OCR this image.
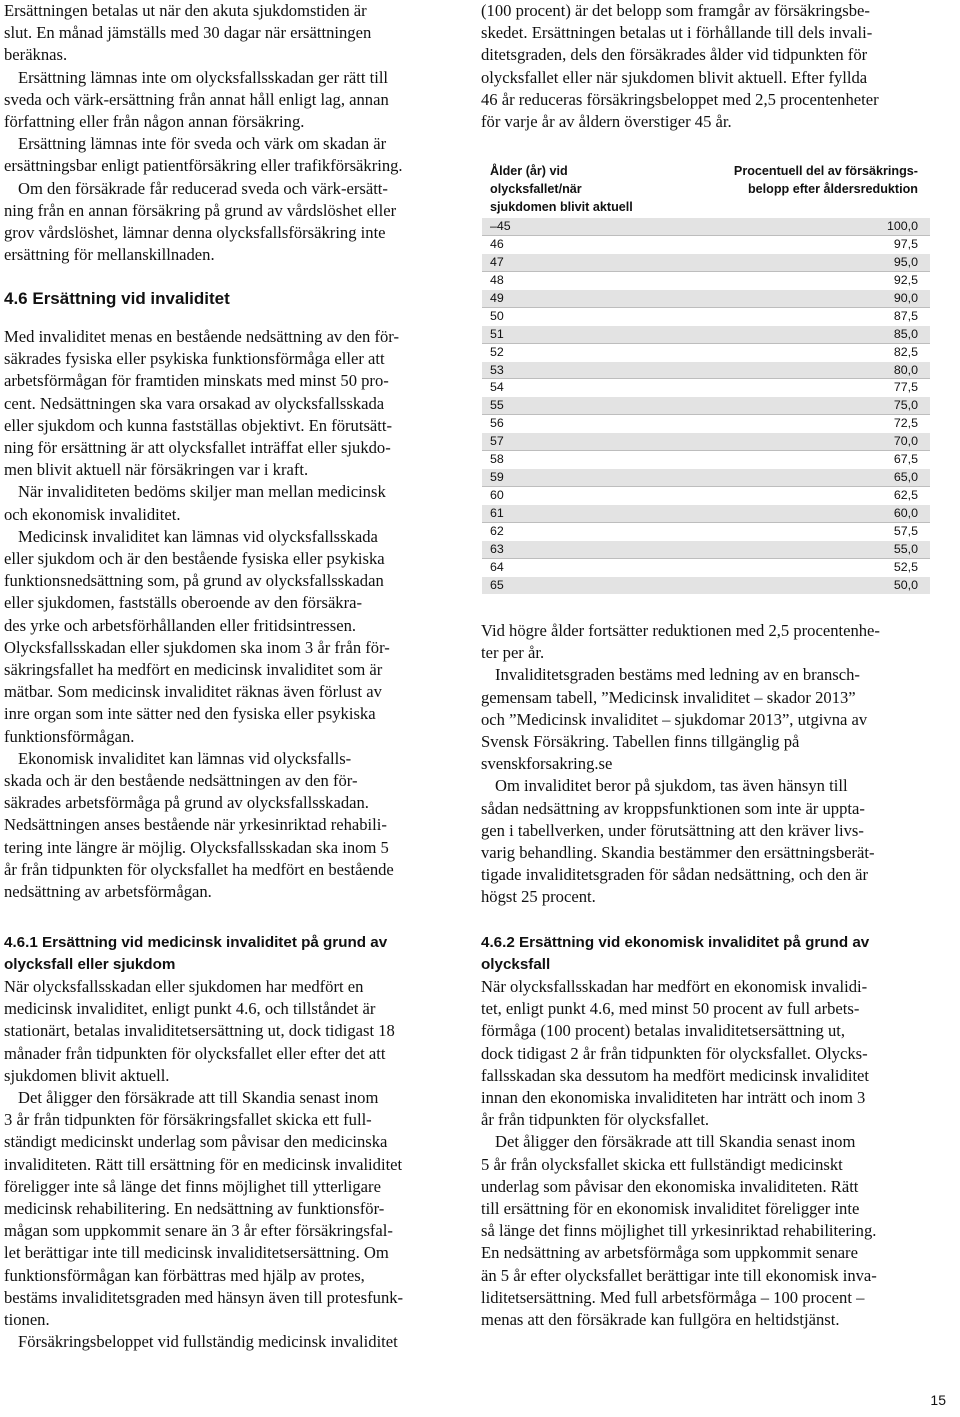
Ersättningen betalas ut när den akuta sjukdomstiden är
slut. En månad jämställs med 30 dagar när ersättningen
beräknas.

Ersättning lämnas inte om olycksfallsskadan ger rätt till
sveda och värk-ersättning från annat håll enligt lag, annan
författning eller från någon annan försäkring.

Ersättning lämnas inte för sveda och värk om skadan är
ersättningsbar enligt patientförsäkring eller trafikförsäkring.

Om den försäkrade får reducerad sveda och värk-ersätt-
ning från en annan försäkring på grund av vårdslöshet eller
grov vårdslöshet, lämnar denna olycksfallsförsäkring inte
ersättning för mellanskillnaden.

4.6 Ersättning vid invaliditet

Med invaliditet menas en bestående nedsättning av den för-
säkrades fysiska eller psykiska funktionsförmåga eller att
arbetsförmågan för framtiden minskats med minst 50 pro-
cent. Nedsättningen ska vara orsakad av olycksfallsskada
eller sjukdom och kunna fastställas objektivt. En förutsätt-
ning för ersättning är att olycksfallet inträffat eller sjukdo-
men blivit aktuell när försäkringen var i kraft.

När invaliditeten bedöms skiljer man mellan medicinsk
och ekonomisk invaliditet.

Medicinsk invaliditet kan lämnas vid olycksfallsskada
eller sjukdom och är den bestående fysiska eller psykiska
funktionsnedsättning som, på grund av olycksfallsskadan
eller sjukdomen, fastställs oberoende av den försäkra-
des yrke och arbetsförhållanden eller fritidsintressen.
Olycksfallsskadan eller sjukdomen ska inom 3 år från för-
säkringsfallet ha medfört en medicinsk invaliditet som är
mätbar. Som medicinsk invaliditet räknas även förlust av
inre organ som inte sätter ned den fysiska eller psykiska
funktionsförmågan.

Ekonomisk invaliditet kan lämnas vid olycksfalls-
skada och är den bestående nedsättningen av den för-
säkrades arbetsförmåga på grund av olycksfallsskadan.
Nedsättningen anses bestående när yrkesinriktad rehabili-
tering inte längre är möjlig. Olycksfallsskadan ska inom 5
år från tidpunkten för olycksfallet ha medfört en bestående
nedsättning av arbetsförmågan.

4.6.1 Ersättning vid medicinsk invaliditet på grund av
olycksfall eller sjukdom

När olycksfallsskadan eller sjukdomen har medfört en
medicinsk invaliditet, enligt punkt 4.6, och tillståndet är
stationärt, betalas invaliditetsersättning ut, dock tidigast 18
månader från tidpunkten för olycksfallet eller efter det att
sjukdomen blivit aktuell.

Det åligger den försäkrade att till Skandia senast inom
3 år från tidpunkten för försäkringsfallet skicka ett full-
ständigt medicinskt underlag som påvisar den medicinska
invaliditeten. Rätt till ersättning för en medicinsk invaliditet
föreligger inte så länge det finns möjlighet till ytterligare
medicinsk rehabilitering. En nedsättning av funktionsför-
mågan som uppkommit senare än 3 år efter försäkringsfal-
let berättigar inte till medicinsk invaliditetsersättning. Om
funktionsförmågan kan förbättras med hjälp av protes,
bestäms invaliditetsgraden med hänsyn även till protesfunk-
tionen.

Försäkringsbeloppet vid fullständig medicinsk invaliditet

(100 procent) är det belopp som framgår av försäkringsbe-
skedet. Ersättningen betalas ut i förhållande till dels invali-
ditetsgraden, dels den försäkrades ålder vid tidpunkten för
olycksfallet eller när sjukdomen blivit aktuell. Efter fyllda
46 år reduceras försäkringsbeloppet med 2,5 procentenheter
för varje år av åldern överstiger 45 år.

Ålder (år) vid
olycksfallet/när
sjukdomen blivit aktuell
Procentuell del av försäkrings-
belopp efter åldersreduktion
–45	100,0
46	97,5
47	95,0
48	92,5
49	90,0
50	87,5
51	85,0
52	82,5
53	80,0
54	77,5
55	75,0
56	72,5
57	70,0
58	67,5
59	65,0
60	62,5
61	60,0
62	57,5
63	55,0
64	52,5
65	50,0

Vid högre ålder fortsätter reduktionen med 2,5 procentenhe-
ter per år.

Invaliditetsgraden bestäms med ledning av en bransch-
gemensam tabell, ”Medicinsk invaliditet – skador 2013”
och ”Medicinsk invaliditet – sjukdomar 2013”, utgivna av
Svensk Försäkring. Tabellen finns tillgänglig på
svenskforsakring.se

Om invaliditet beror på sjukdom, tas även hänsyn till
sådan nedsättning av kroppsfunktionen som inte är uppta-
gen i tabellverken, under förutsättning att den kräver livs-
varig behandling. Skandia bestämmer den ersättningsberät-
tigade invaliditetsgraden för sådan nedsättning, och den är
högst 25 procent.

4.6.2 Ersättning vid ekonomisk invaliditet på grund av
olycksfall

När olycksfallsskadan har medfört en ekonomisk invalidi-
tet, enligt punkt 4.6, med minst 50 procent av full arbets-
förmåga (100 procent) betalas invaliditetsersättning ut,
dock tidigast 2 år från tidpunkten för olycksfallet. Olycks-
fallsskadan ska dessutom ha medfört medicinsk invaliditet
innan den ekonomiska invaliditeten har inträtt och inom 3
år från tidpunkten för olycksfallet.

Det åligger den försäkrade att till Skandia senast inom
5 år från olycksfallet skicka ett fullständigt medicinskt
underlag som påvisar den ekonomiska invaliditeten. Rätt
till ersättning för en ekonomisk invaliditet föreligger inte
så länge det finns möjlighet till yrkesinriktad rehabilitering.
En nedsättning av arbetsförmåga som uppkommit senare
än 5 år efter olycksfallet berättigar inte till ekonomisk inva-
liditetsersättning. Med full arbetsförmåga – 100 procent –
menas att den försäkrade kan fullgöra en heltidstjänst.

15
